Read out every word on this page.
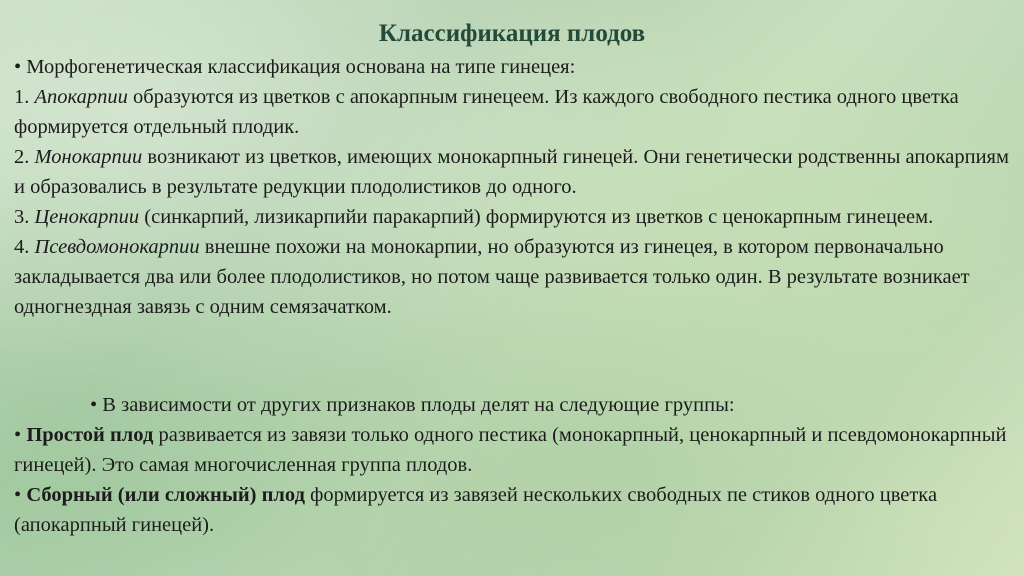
Классификация плодов

• Морфогенетическая классификация основана на типе гинецея:

1. Апокарпии образуются из цветков с апокарпным гинецеем. Из каждого свободного пестика одного цветка формируется отдельный плодик.

2. Монокарпии возникают из цветков, имеющих монокарпный гинецей. Они генетически родственны апокарпиям и образовались в результате редукции плодолистиков до одного.

3. Ценокарпии (синкарпий, лизикарпийи паракарпий) формируются из цветков с ценокарпным гинецеем.

4. Псевдомонокарпии внешне похожи на монокарпии, но образуются из гинецея, в котором первоначально закладывается два или более плодолистиков, но потом чаще развивается только один. В результате возникает одногнездная завязь с одним семязачатком.

• В зависимости от других признаков плоды делят на следующие группы:

• Простой плод развивается из завязи только одного пестика (монокарпный, ценокарпный и псевдомонокарпный гинецей). Это самая многочисленная группа плодов.

• Сборный (или сложный) плод формируется из завязей нескольких свободных пе стиков одного цветка (апокарпный гинецей).
